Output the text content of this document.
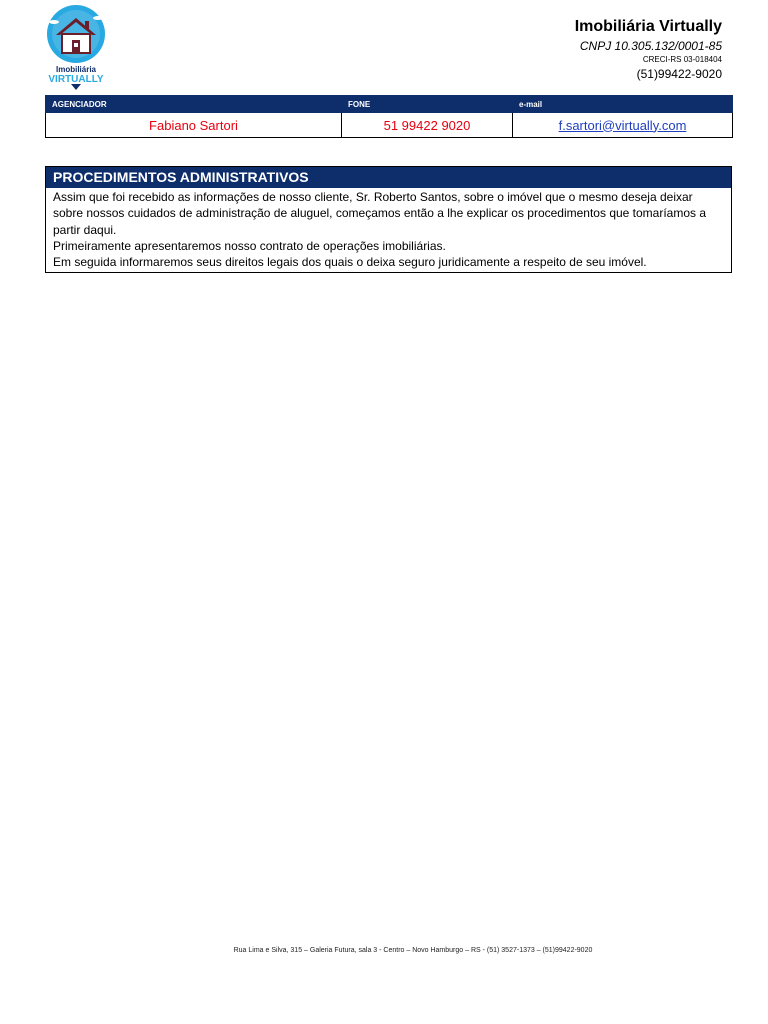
Imobiliária
VIRTUALLY
Imobiliária Virtually
CNPJ 10.305.132/0001-85
CRECI-RS 03-018404
(51)99422-9020
AGENCIADOR	FONE	e-mail
Fabiano Sartori	51 99422 9020	f.sartori@virtually.com
PROCEDIMENTOS ADMINISTRATIVOS

Assim que foi recebido as informações de nosso cliente, Sr. Roberto Santos, sobre o imóvel que o mesmo deseja deixar sobre nossos cuidados de administração de aluguel, começamos então a lhe explicar os procedimentos que tomaríamos a partir daqui.

Primeiramente apresentaremos nosso contrato de operações imobiliárias.

Em seguida informaremos seus direitos legais dos quais o deixa seguro juridicamente a respeito de seu imóvel.

Rua Lima e Silva, 315 – Galeria Futura, sala 3 - Centro – Novo Hamburgo – RS - (51) 3527-1373 – (51)99422-9020
